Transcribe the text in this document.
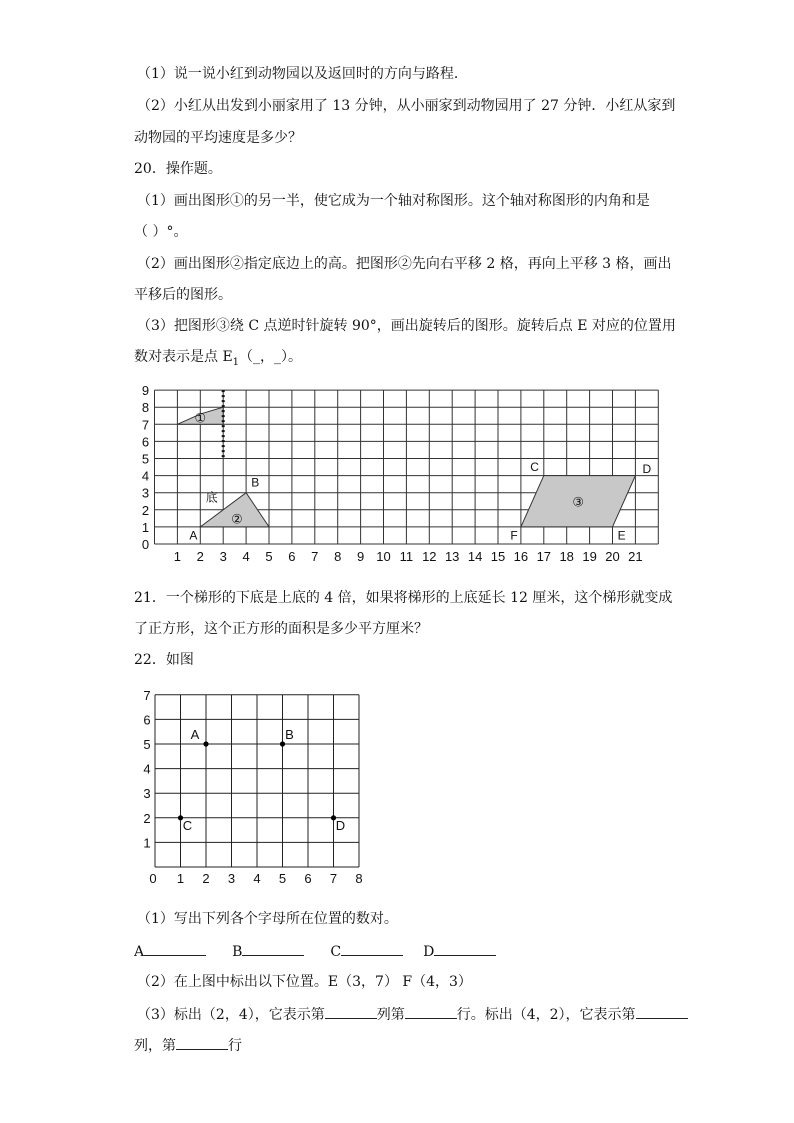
（1）说一说小红到动物园以及返回时的方向与路程．
（2）小红从出发到小丽家用了 13 分钟，从小丽家到动物园用了 27 分钟．小红从家到
动物园的平均速度是多少？
20．操作题。
（1）画出图形①的另一半，使它成为一个轴对称图形。这个轴对称图形的内角和是
（ ）°。
（2）画出图形②指定底边上的高。把图形②先向右平移 2 格，再向上平移 3 格，画出
平移后的图形。
（3）把图形③绕 C 点逆时针旋转 90°，画出旋转后的图形。旋转后点 E 对应的位置用
数对表示是点 $E_1(\_$，_）。
0
1
2
3
4
5
6
7
8
9
1 2 3 4 5 6 7 8 9 10 11 12 13 14 15 16 17 18 19 20 21
①
②
底
A
B
③
C	D
E
F
21．一个梯形的下底是上底的 4 倍，如果将梯形的上底延长 12 厘米，这个梯形就变成
了正方形，这个正方形的面积是多少平方厘米？
22．如图
（1）写出下列各个字母所在位置的数对。
A	B	C	D
（2）在上图中标出以下位置。E（3，7） F（4，3）
（3）标出（2，4），它表示第	列第	行。标出（4，2），它表示第
列，第	行
0 1 2 3 4 5 6 7 8
1
2
3
4
5
6
7
A	B
C	D
